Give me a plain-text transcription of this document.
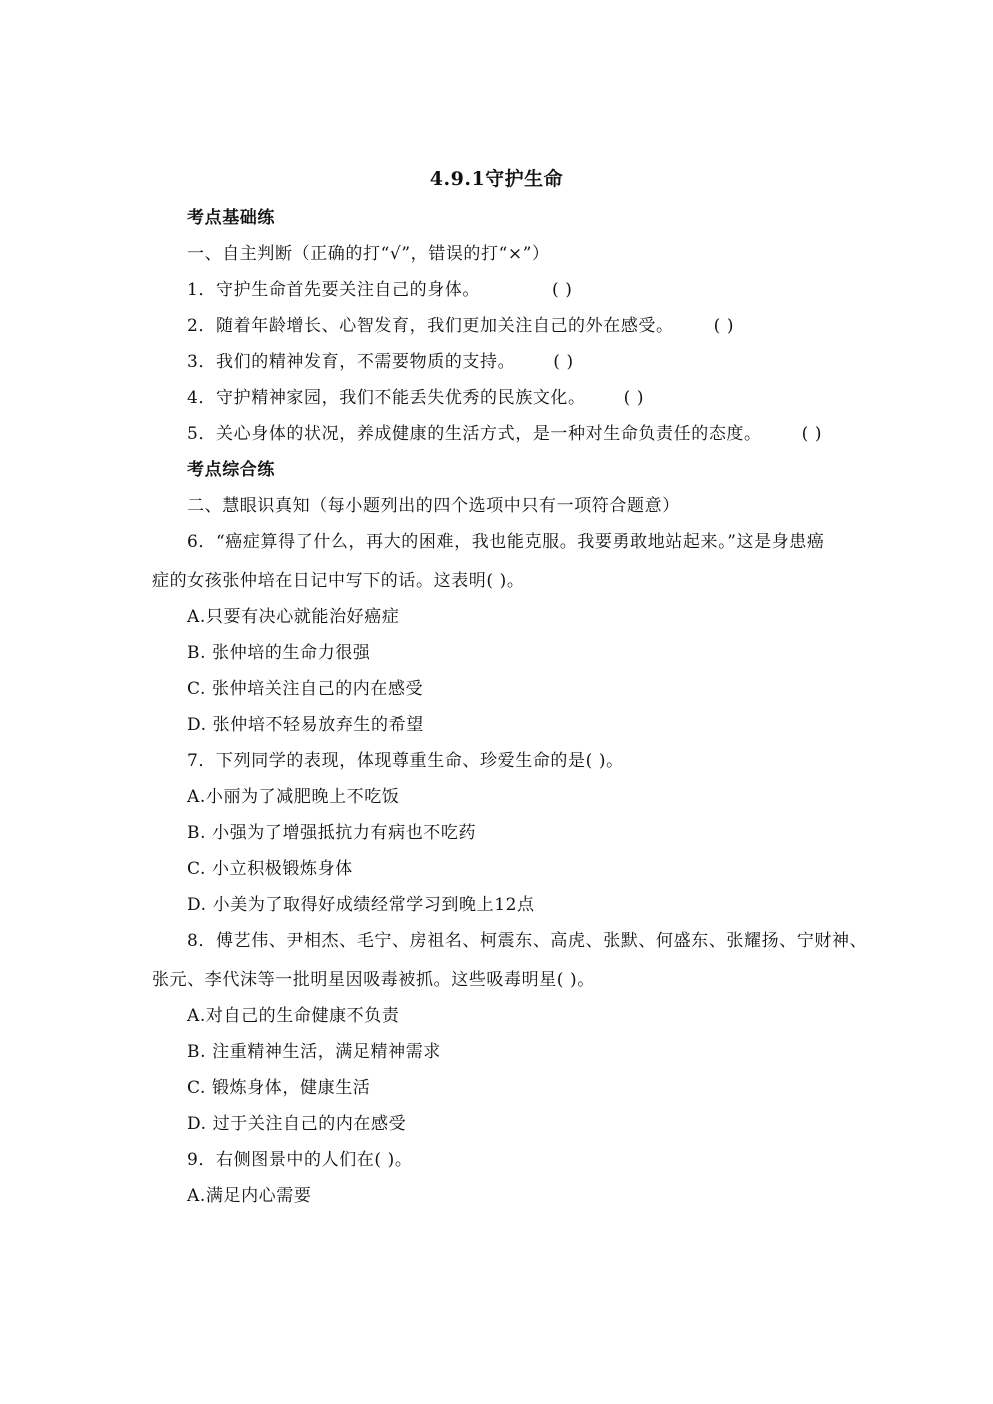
4.9.1守护生命
考点基础练
一、自主判断（正确的打“√”，错误的打“×”）
1．守护生命首先要关注自己的身体。	( )
2．随着年龄增长、心智发育，我们更加关注自己的外在感受。 ( )
3．我们的精神发育，不需要物质的支持。 ( )
4．守护精神家园，我们不能丢失优秀的民族文化。 ( )
5．关心身体的状况，养成健康的生活方式，是一种对生命负责任的态度。 ( )
考点综合练
二、慧眼识真知（每小题列出的四个选项中只有一项符合题意）
6．“癌症算得了什么，再大的困难，我也能克服。我要勇敢地站起来。”这是身患癌
症的女孩张仲培在日记中写下的话。这表明( )。
A.只要有决心就能治好癌症
B. 张仲培的生命力很强
C. 张仲培关注自己的内在感受
D. 张仲培不轻易放弃生的希望
7．下列同学的表现，体现尊重生命、珍爱生命的是( )。
A.小丽为了减肥晚上不吃饭
B. 小强为了增强抵抗力有病也不吃药
C. 小立积极锻炼身体
D. 小美为了取得好成绩经常学习到晚上12点
8．傅艺伟、尹相杰、毛宁、房祖名、柯震东、高虎、张默、何盛东、张耀扬、宁财神、
张元、李代沫等一批明星因吸毒被抓。这些吸毒明星( )。
A.对自己的生命健康不负责
B. 注重精神生活，满足精神需求
C. 锻炼身体，健康生活
D. 过于关注自己的内在感受
9．右侧图景中的人们在( )。
A.满足内心需要
